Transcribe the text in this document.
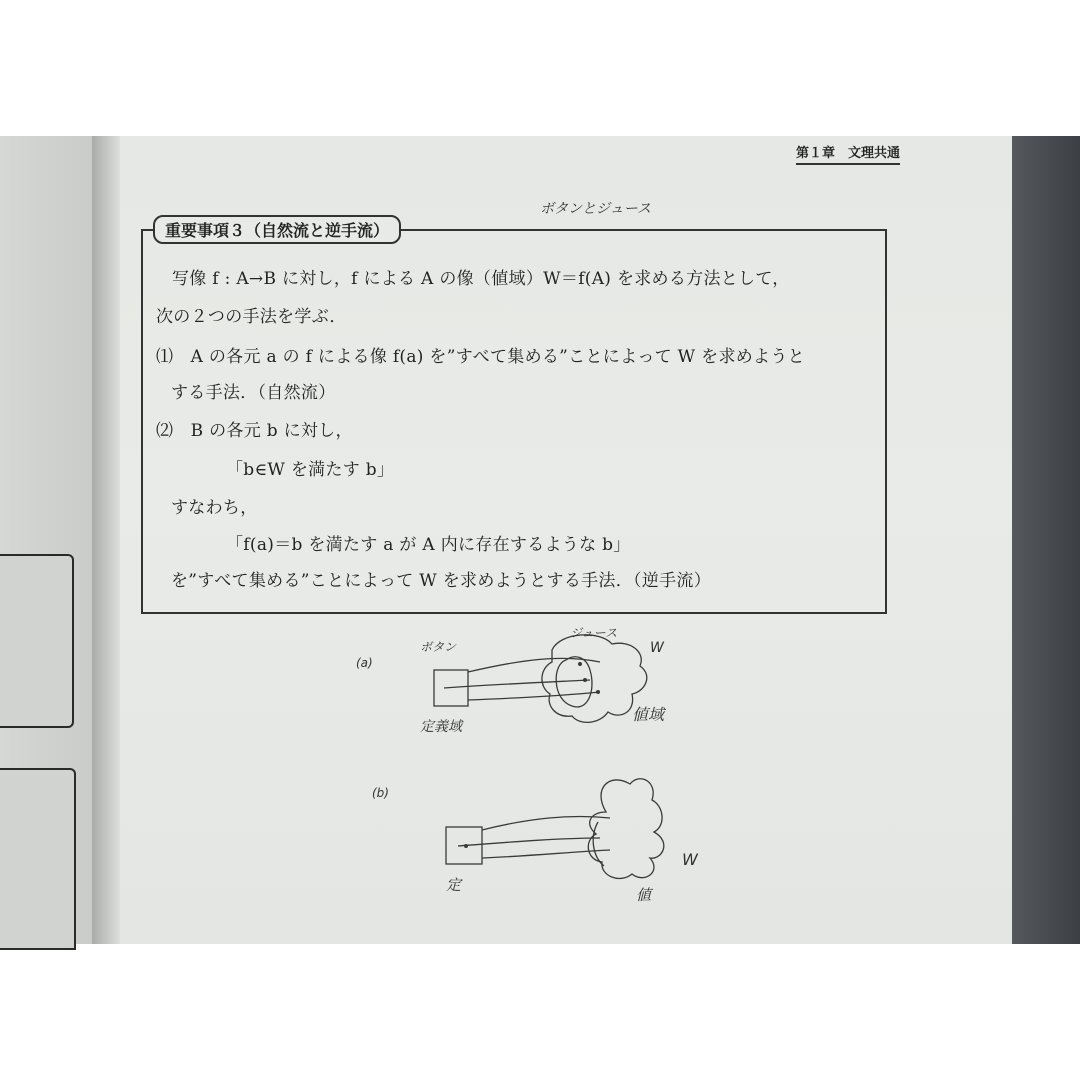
第１章　文理共通
重要事項３（自然流と逆手流）
写像 f : A→B に対し，f による A の像（値域）W＝f(A) を求める方法として，
次の２つの手法を学ぶ．
⑴　A の各元 a の f による像 f(a) を”すべて集める”ことによって W を求めようと
する手法．（自然流）
⑵　B の各元 b に対し，
「b∈W を満たす b」
すなわち，
「f(a)＝b を満たす a が A 内に存在するような b」
を”すべて集める”ことによって W を求めようとする手法．（逆手流）
ボタンとジュース
(a)
ボタン
ジュース
W
値域
定義域
(b)
定
値
W
